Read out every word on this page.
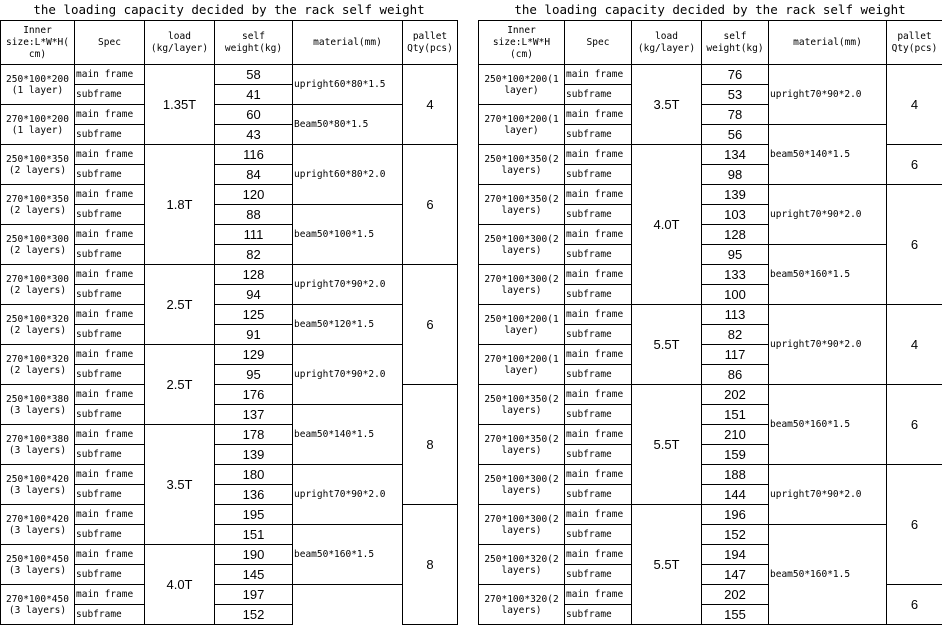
the loading capacity decided by the rack self weight
Inner size:L*W*H( cm)	Spec	load (kg/layer)	self weight(kg)	material(mm)	pallet Qty(pcs)
250*100*200 (1 layer)	main frame	1.35T	58	upright60*80*1.5	4
	subframe		41		
270*100*200 (1 layer)	main frame		60	Beam50*80*1.5	
	subframe		43		
250*100*350 (2 layers)	main frame	1.8T	116	upright60*80*2.0	6
	subframe		84		
270*100*350 (2 layers)	main frame		120		
	subframe		88	beam50*100*1.5	
250*100*300 (2 layers)	main frame		111		
	subframe		82		
270*100*300 (2 layers)	main frame	2.5T	128	upright70*90*2.0	6
	subframe		94		
250*100*320 (2 layers)	main frame		125	beam50*120*1.5	
	subframe		91		
270*100*320 (2 layers)	main frame	2.5T	129	upright70*90*2.0	
	subframe		95		
250*100*380 (3 layers)	main frame		176		8
	subframe		137	beam50*140*1.5	
270*100*380 (3 layers)	main frame	3.5T	178		
	subframe		139		
250*100*420 (3 layers)	main frame		180	upright70*90*2.0	
	subframe		136		
270*100*420 (3 layers)	main frame		195		8
	subframe		151	beam50*160*1.5	
250*100*450 (3 layers)	main frame	4.0T	190		
	subframe		145		
270*100*450 (3 layers)	main frame		197		
	subframe		152		
the loading capacity decided by the rack self weight
Inner size:L*W*H (cm)	Spec	load (kg/layer)	self weight(kg)	material(mm)	pallet Qty(pcs)
250*100*200(1 layer)	main frame	3.5T	76	upright70*90*2.0	4
	subframe		53		
270*100*200(1 layer)	main frame		78		
	subframe		56	beam50*140*1.5	
250*100*350(2 layers)	main frame	4.0T	134		6
	subframe		98		
270*100*350(2 layers)	main frame		139	upright70*90*2.0	6
	subframe		103		
250*100*300(2 layers)	main frame		128		
	subframe		95	beam50*160*1.5	
270*100*300(2 layers)	main frame		133		
	subframe		100		
250*100*200(1 layer)	main frame	5.5T	113	upright70*90*2.0	4
	subframe		82		
270*100*200(1 layer)	main frame		117		
	subframe		86		
250*100*350(2 layers)	main frame	5.5T	202	beam50*160*1.5	6
	subframe		151		
270*100*350(2 layers)	main frame		210		
	subframe		159		
250*100*300(2 layers)	main frame		188	upright70*90*2.0	6
	subframe		144		
270*100*300(2 layers)	main frame	5.5T	196		
	subframe		152	beam50*160*1.5	
250*100*320(2 layers)	main frame		194		
	subframe		147		
270*100*320(2 layers)	main frame		202		6
	subframe		155		
